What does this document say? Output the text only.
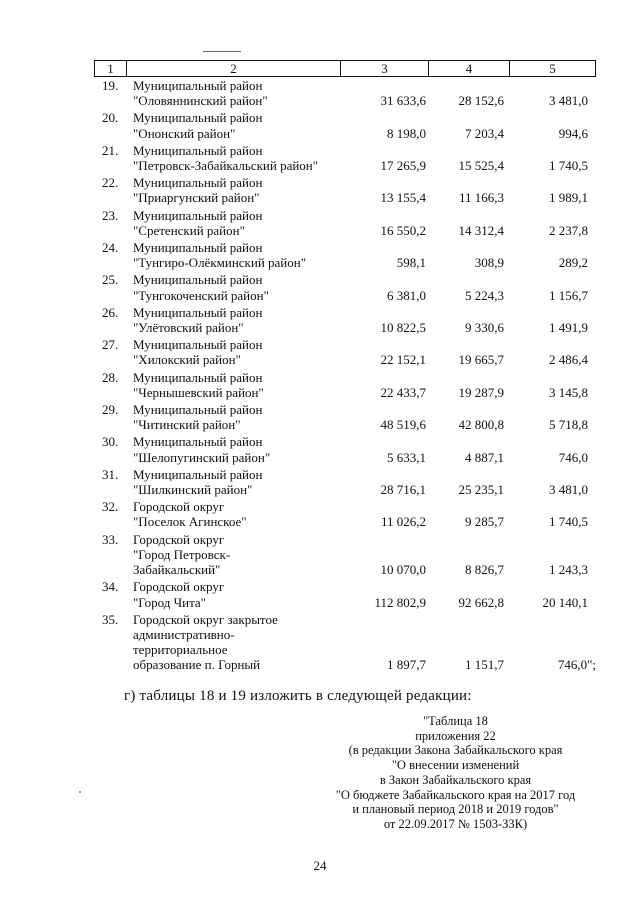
1	2	3	4	5
19. Муниципальный район
"Оловяннинский район"	31 633,6	28 152,6	3 481,0
20. Муниципальный район
"Ононский район"	8 198,0	7 203,4	994,6
21. Муниципальный район
"Петровск-Забайкальский район"	17 265,9	15 525,4	1 740,5
22. Муниципальный район
"Приаргунский район"	13 155,4	11 166,3	1 989,1
23. Муниципальный район
"Сретенский район"	16 550,2	14 312,4	2 237,8
24. Муниципальный район
"Тунгиро-Олёкминский район"	598,1	308,9	289,2
25. Муниципальный район
"Тунгокоченский район"	6 381,0	5 224,3	1 156,7
26. Муниципальный район
"Улётовский район"	10 822,5	9 330,6	1 491,9
27. Муниципальный район
"Хилокский район"	22 152,1	19 665,7	2 486,4
28. Муниципальный район
"Чернышевский район"	22 433,7	19 287,9	3 145,8
29. Муниципальный район
"Читинский район"	48 519,6	42 800,8	5 718,8
30. Муниципальный район
"Шелопугинский район"	5 633,1	4 887,1	746,0
31. Муниципальный район
"Шилкинский район"	28 716,1	25 235,1	3 481,0
32. Городской округ
"Поселок Агинское"	11 026,2	9 285,7	1 740,5
33. Городской округ
"Город Петровск-
Забайкальский"	10 070,0	8 826,7	1 243,3
34. Городской округ
"Город Чита"	112 802,9	92 662,8	20 140,1
35. Городской округ закрытое
административно-
территориальное
образование п. Горный	1 897,7	1 151,7	746,0";
г) таблицы 18 и 19 изложить в следующей редакции:
"Таблица 18
приложения 22
(в редакции Закона Забайкальского края
"О внесении изменений
в Закон Забайкальского края
"О бюджете Забайкальского края на 2017 год
и плановый период 2018 и 2019 годов"
от 22.09.2017 № 1503-ЗЗК)
24
